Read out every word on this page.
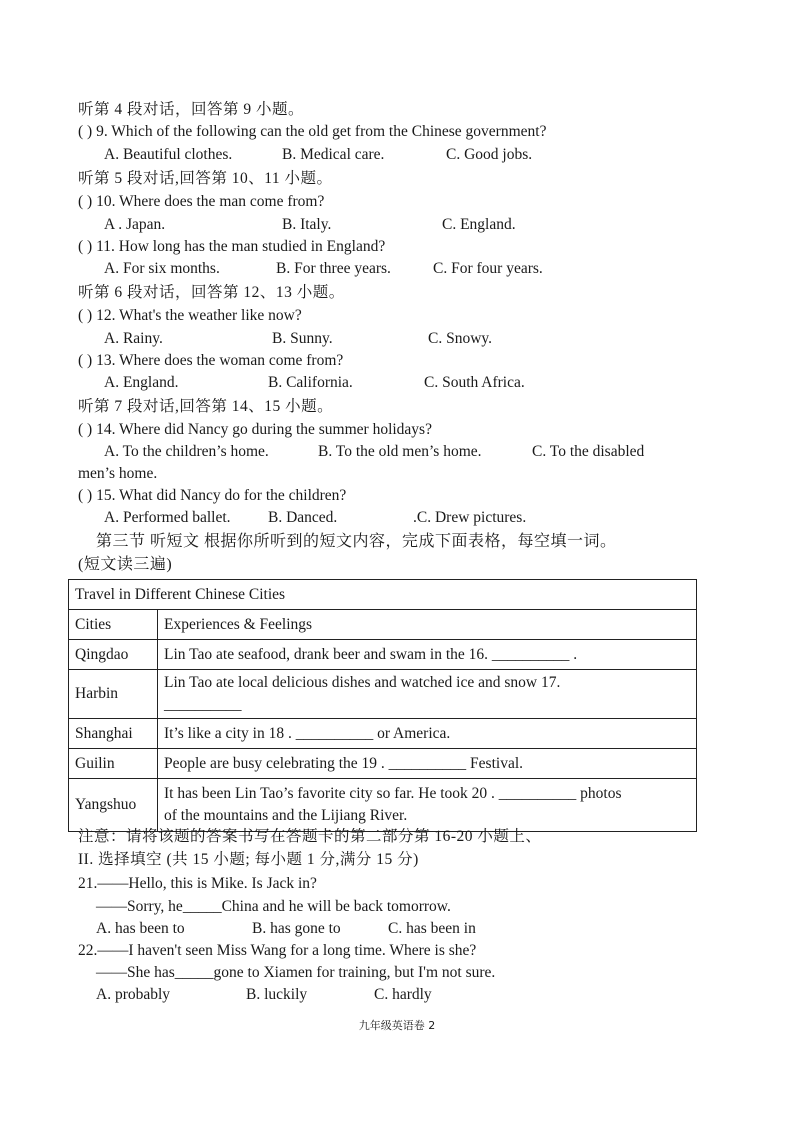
听第 4 段对话，回答第 9 小题。
( ) 9. Which of the following can the old get from the Chinese government?
A. Beautiful clothes.	B. Medical care.	C. Good jobs.
听第 5 段对话,回答第 10、11 小题。
( ) 10. Where does the man come from?
A . Japan.	B. Italy.	C. England.
( ) 11. How long has the man studied in England?
A. For six months.	B. For three years.	C. For four years.
听第 6 段对话，回答第 12、13 小题。
( ) 12. What's the weather like now?
A. Rainy.	B. Sunny.	C. Snowy.
( ) 13. Where does the woman come from?
A. England.	B. California.	C. South Africa.
听第 7 段对话,回答第 14、15 小题。
( ) 14. Where did Nancy go during the summer holidays?
A. To the children’s home.	B. To the old men’s home.	C. To the disabled
men’s home.
( ) 15. What did Nancy do for the children?
A. Performed ballet. B. Danced.	.C. Drew pictures.
第三节 听短文 根据你所听到的短文内容，完成下面表格，每空填一词。
(短文读三遍)
Travel in Different Chinese Cities	
Cities	Experiences & Feelings
Qingdao	Lin Tao ate seafood, drank beer and swam in the 16. __________ .
Harbin	Lin Tao ate local delicious dishes and watched ice and snow 17.
__________

Shanghai	It’s like a city in 18 . __________ or America.
Guilin	People are busy celebrating the 19 . __________ Festival.
Yangshuo	It has been Lin Tao’s favorite city so far. He took 20 . __________ photos
of the mountains and the Lijiang River.
注意：请将该题的答案书写在答题卡的第二部分第 16-20 小题上、
II. 选择填空 (共 15 小题; 每小题 1 分,满分 15 分)
21.——Hello, this is Mike. Is Jack in?
——Sorry, he_____China and he will be back tomorrow.
A. has been to	B. has gone to	C. has been in
22.——I haven't seen Miss Wang for a long time. Where is she?
——She has_____gone to Xiamen for training, but I'm not sure.
A. probably	B. luckily	C. hardly
九年级英语卷 2
